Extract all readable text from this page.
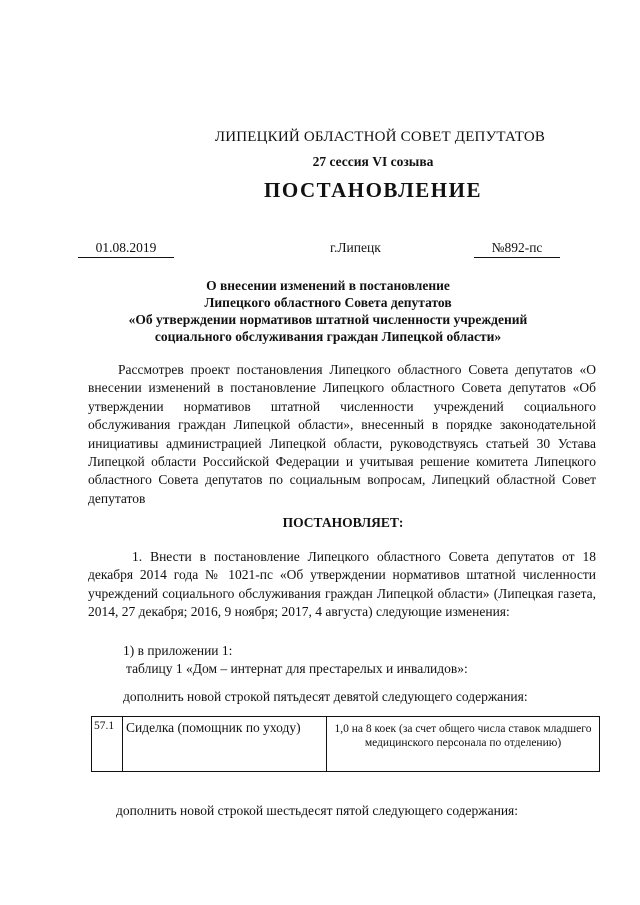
ЛИПЕЦКИЙ ОБЛАСТНОЙ СОВЕТ ДЕПУТАТОВ
27 сессия VI созыва
ПОСТАНОВЛЕНИЕ
01.08.2019	г.Липецк	№892-пс
О внесении изменений в постановление
Липецкого областного Совета депутатов
«Об утверждении нормативов штатной численности учреждений
социального обслуживания граждан Липецкой области»
Рассмотрев проект постановления Липецкого областного Совета депутатов «О внесении изменений в постановление Липецкого областного Совета депутатов «Об утверждении нормативов штатной численности учреждений социального обслуживания граждан Липецкой области», внесенный в порядке законодательной инициативы администрацией Липецкой области, руководствуясь статьей 30 Устава Липецкой области Российской Федерации и учитывая решение комитета Липецкого областного Совета депутатов по социальным вопросам, Липецкий областной Совет депутатов
ПОСТАНОВЛЯЕТ:
1. Внести в постановление Липецкого областного Совета депутатов от 18 декабря 2014 года № 1021-пс «Об утверждении нормативов штатной численности учреждений социального обслуживания граждан Липецкой области» (Липецкая газета, 2014, 27 декабря; 2016, 9 ноября; 2017, 4 августа) следующие изменения:
1) в приложении 1:
таблицу 1 «Дом – интернат для престарелых и инвалидов»:
дополнить новой строкой пятьдесят девятой следующего содержания:
57.1	Сиделка (помощник по уходу)	1,0 на 8 коек (за счет общего числа ставок младшего медицинского персонала по отделению)
дополнить новой строкой шестьдесят пятой следующего содержания:
